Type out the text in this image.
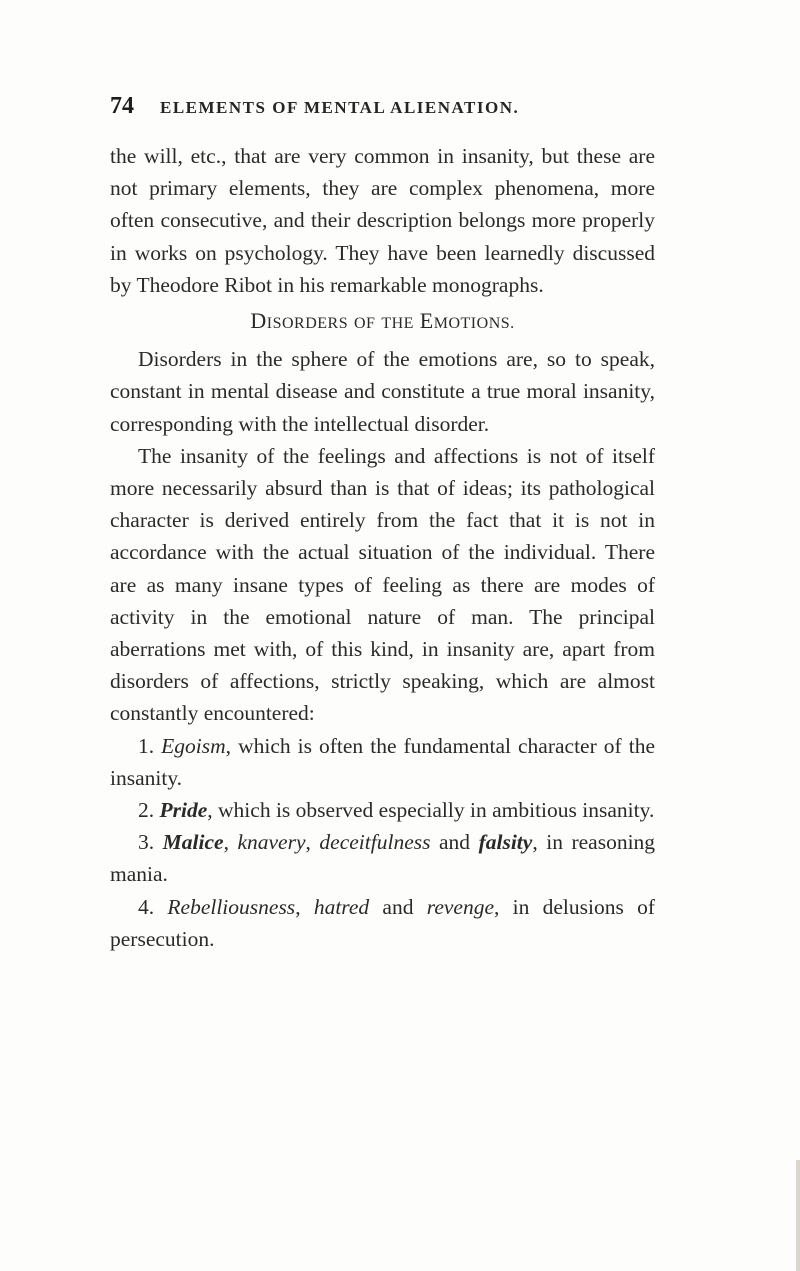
74 ELEMENTS OF MENTAL ALIENATION.

the will, etc., that are very common in insanity, but these are not primary elements, they are complex phenomena, more often consecutive, and their description belongs more properly in works on psychology. They have been learnedly discussed by Theodore Ribot in his remarkable monographs.

DISORDERS OF THE EMOTIONS.

Disorders in the sphere of the emotions are, so to speak, constant in mental disease and constitute a true moral insanity, corresponding with the intellectual disorder.

The insanity of the feelings and affections is not of itself more necessarily absurd than is that of ideas; its pathological character is derived entirely from the fact that it is not in accordance with the actual situation of the individual. There are as many insane types of feeling as there are modes of activity in the emotional nature of man. The principal aberrations met with, of this kind, in insanity are, apart from disorders of affections, strictly speaking, which are almost constantly encountered:

1. Egoism, which is often the fundamental character of the insanity.

2. Pride, which is observed especially in ambitious insanity.

3. Malice, knavery, deceitfulness and falsity, in reasoning mania.

4. Rebelliousness, hatred and revenge, in delusions of persecution.
